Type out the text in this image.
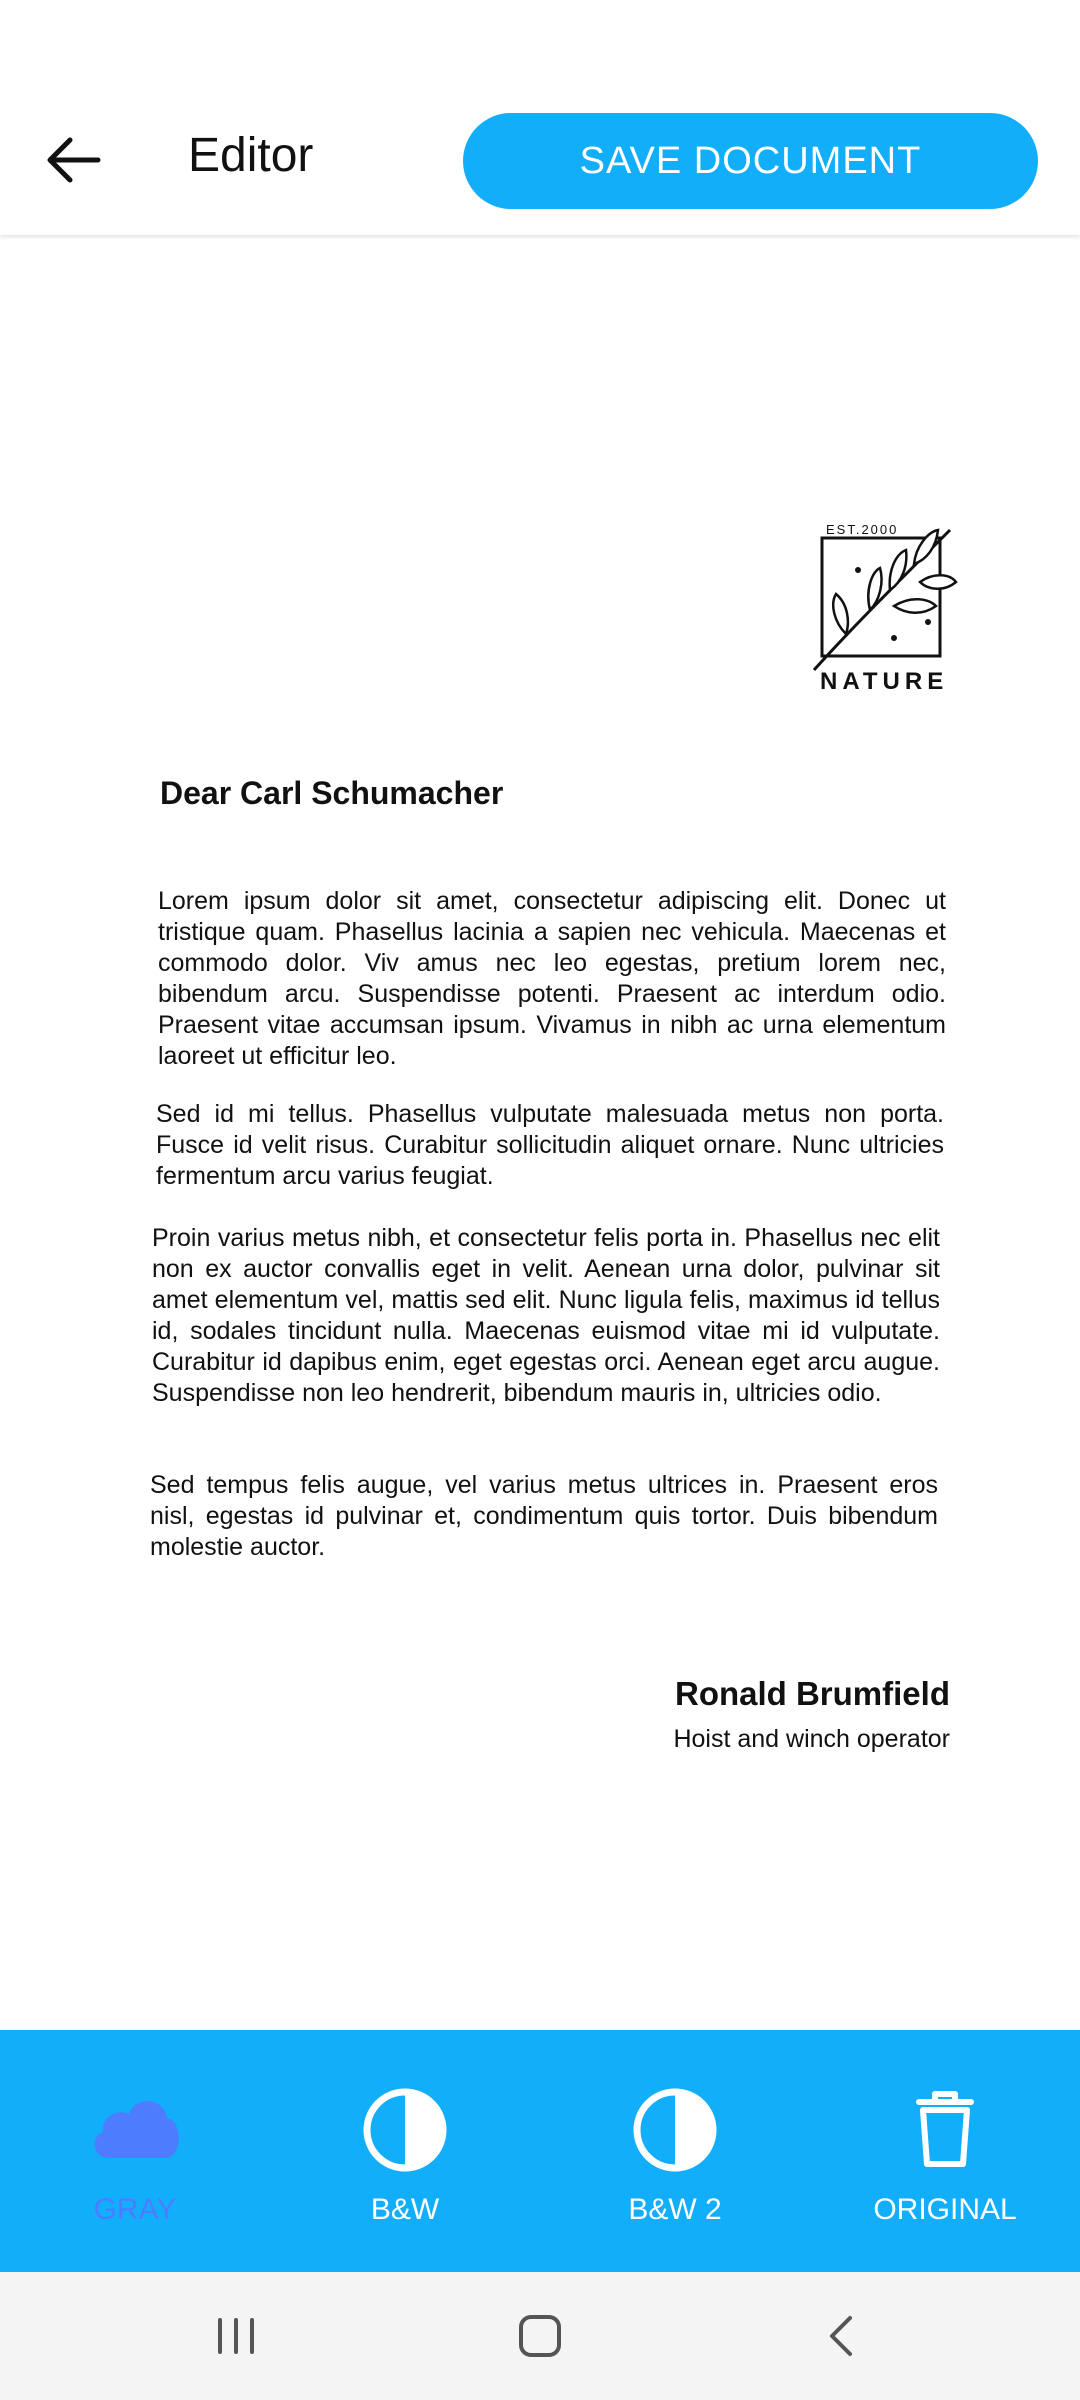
Editor	SAVE DOCUMENT
EST.2000
NATURE
Dear Carl Schumacher

Lorem ipsum dolor sit amet, consectetur adipiscing elit. Donec ut tristique quam. Phasellus lacinia a sapien nec vehicula. Maecenas et commodo dolor. Viv amus nec leo egestas, pretium lorem nec, bibendum arcu. Suspendisse potenti. Praesent ac interdum odio. Praesent vitae accumsan ipsum. Vivamus in nibh ac urna elementum laoreet ut efficitur leo.

Sed id mi tellus. Phasellus vulputate malesuada metus non porta. Fusce id velit risus. Curabitur sollicitudin aliquet ornare. Nunc ultricies fermentum arcu varius feugiat.

Proin varius metus nibh, et consectetur felis porta in. Phasellus nec elit non ex auctor convallis eget in velit. Aenean urna dolor, pulvinar sit amet elementum vel, mattis sed elit. Nunc ligula felis, maximus id tellus id, sodales tincidunt nulla. Maecenas euismod vitae mi id vulputate. Curabitur id dapibus enim, eget egestas orci. Aenean eget arcu augue. Suspendisse non leo hendrerit, bibendum mauris in, ultricies odio.

Sed tempus felis augue, vel varius metus ultrices in. Praesent eros nisl, egestas id pulvinar et, condimentum quis tortor. Duis bibendum molestie auctor.

Ronald Brumfield
Hoist and winch operator
GRAY	B&W	B&W 2	ORIGINAL
